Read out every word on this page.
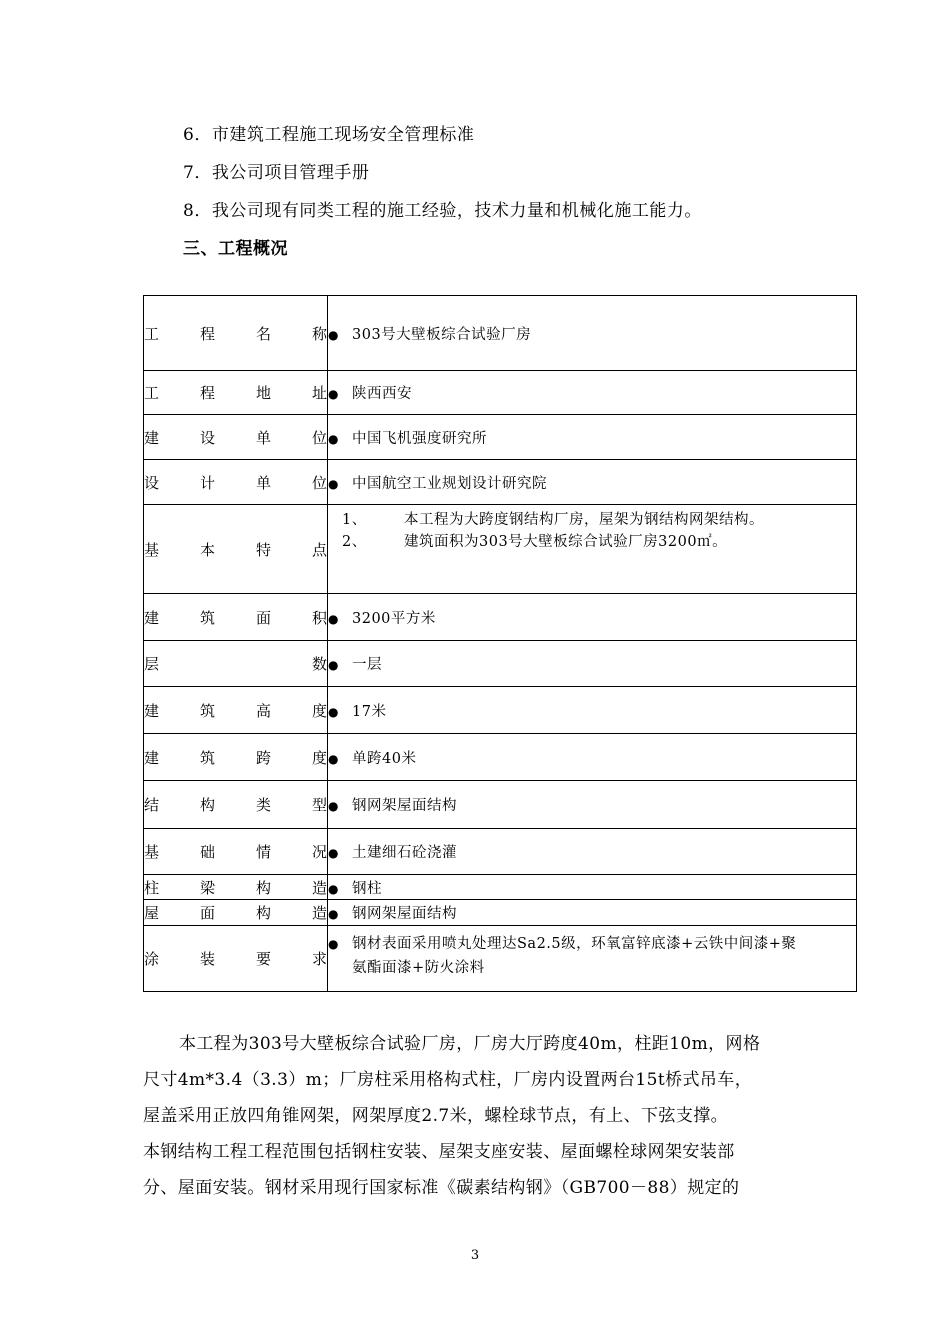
6．市建筑工程施工现场安全管理标准
7．我公司项目管理手册
8．我公司现有同类工程的施工经验，技术力量和机械化施工能力。
三、工程概况
工程名称	● 303号大壁板综合试验厂房

工程地址	● 陕西西安

建设单位	● 中国飞机强度研究所

设计单位	● 中国航空工业规划设计研究院

基本特点	1、 本工程为大跨度钢结构厂房，屋架为钢结构网架结构。
2、 建筑面积为303号大壁板综合试验厂房3200㎡。

建筑面积	● 3200平方米

层数	● 一层

建筑高度	● 17米

建筑跨度	● 单跨40米

结构类型	● 钢网架屋面结构

基础情况	● 土建细石砼浇灌

柱梁构造	● 钢柱

屋面构造	● 钢网架屋面结构

涂装要求	● 钢材表面采用喷丸处理达Sa2.5级，环氧富锌底漆+云铁中间漆+聚
氨酯面漆+防火涂料

本工程为303号大壁板综合试验厂房，厂房大厅跨度40m，柱距10m，网格

尺寸4m*3.4（3.3）m；厂房柱采用格构式柱，厂房内设置两台15t桥式吊车，

屋盖采用正放四角锥网架，网架厚度2.7米，螺栓球节点，有上、下弦支撑。

本钢结构工程工程范围包括钢柱安装、屋架支座安装、屋面螺栓球网架安装部

分、屋面安装。钢材采用现行国家标准《碳素结构钢》（GB700－88）规定的

3
